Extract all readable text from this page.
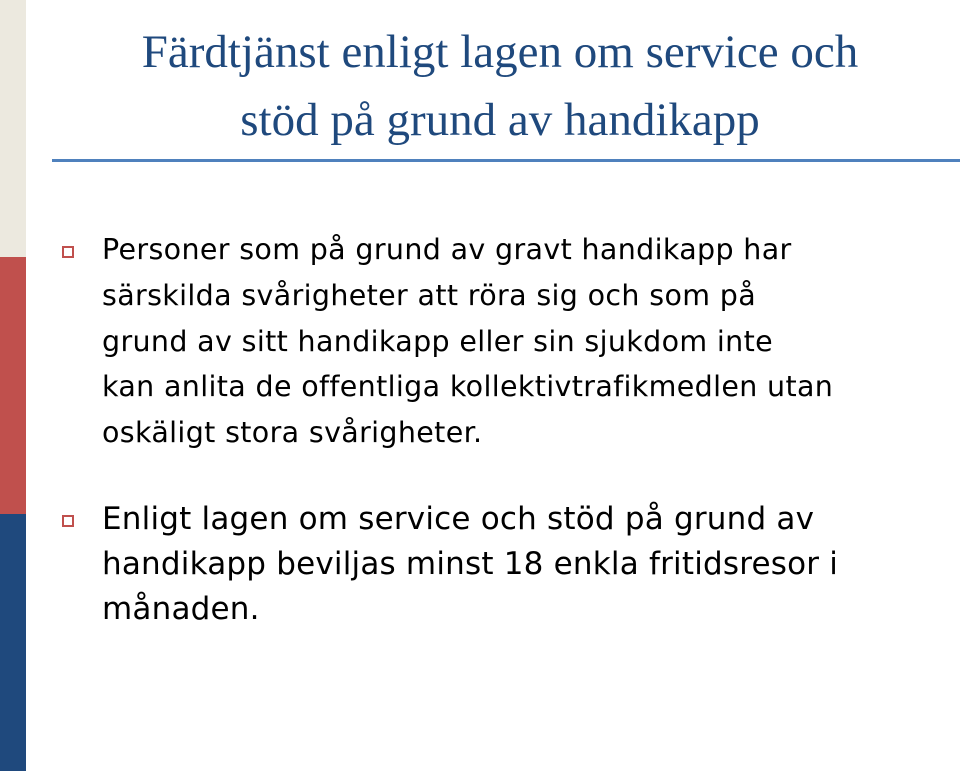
Färdtjänst enligt lagen om service och
stöd på grund av handikapp

Personer som på grund av gravt handikapp har
särskilda svårigheter att röra sig och som på
grund av sitt handikapp eller sin sjukdom inte
kan anlita de offentliga kollektivtrafikmedlen utan
oskäligt stora svårigheter.

Enligt lagen om service och stöd på grund av
handikapp beviljas minst 18 enkla fritidsresor i
månaden.
